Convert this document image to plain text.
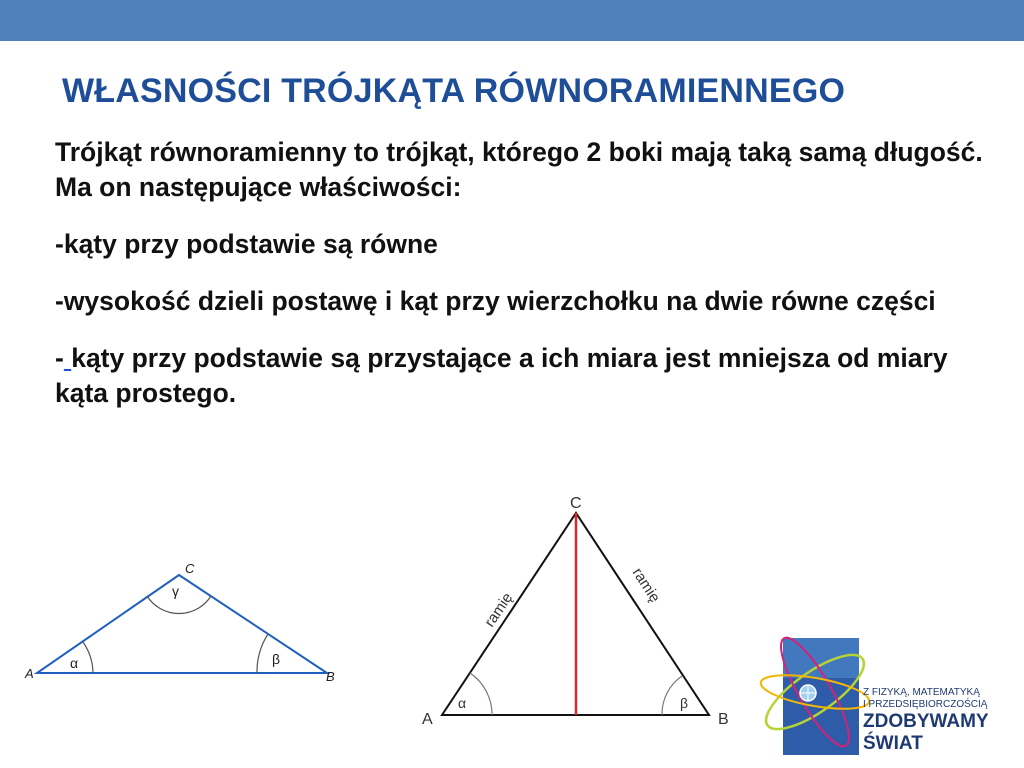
WŁASNOŚCI TRÓJKĄTA RÓWNORAMIENNEGO

Trójkąt równoramienny to trójkąt, którego 2 boki mają taką samą długość. Ma on następujące właściwości:

-kąty przy podstawie są równe

-wysokość dzieli postawę i kąt przy wierzchołku na dwie równe części

- kąty przy podstawie są przystające a ich miara jest mniejsza od miary kąta prostego.

A	B
C
α	β
γ
C
A	B
α	β
ramię
ramię
Z FIZYKĄ, MATEMATYKĄ
I PRZEDSIĘBIORCZOŚCIĄ
ZDOBYWAMY
ŚWIAT
